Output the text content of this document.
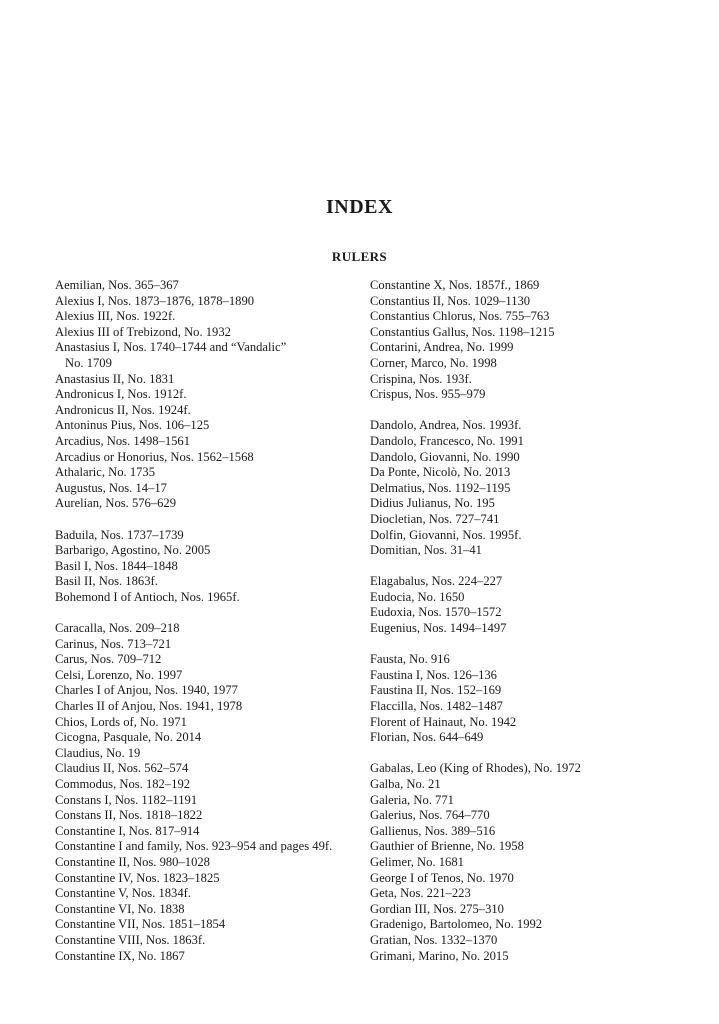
INDEX
RULERS
Aemilian, Nos. 365–367
Alexius I, Nos. 1873–1876, 1878–1890
Alexius III, Nos. 1922f.
Alexius III of Trebizond, No. 1932
Anastasius I, Nos. 1740–1744 and “Vandalic”
No. 1709
Anastasius II, No. 1831
Andronicus I, Nos. 1912f.
Andronicus II, Nos. 1924f.
Antoninus Pius, Nos. 106–125
Arcadius, Nos. 1498–1561
Arcadius or Honorius, Nos. 1562–1568
Athalaric, No. 1735
Augustus, Nos. 14–17
Aurelian, Nos. 576–629
Baduila, Nos. 1737–1739
Barbarigo, Agostino, No. 2005
Basil I, Nos. 1844–1848
Basil II, Nos. 1863f.
Bohemond I of Antioch, Nos. 1965f.
Caracalla, Nos. 209–218
Carinus, Nos. 713–721
Carus, Nos. 709–712
Celsi, Lorenzo, No. 1997
Charles I of Anjou, Nos. 1940, 1977
Charles II of Anjou, Nos. 1941, 1978
Chios, Lords of, No. 1971
Cicogna, Pasquale, No. 2014
Claudius, No. 19
Claudius II, Nos. 562–574
Commodus, Nos. 182–192
Constans I, Nos. 1182–1191
Constans II, Nos. 1818–1822
Constantine I, Nos. 817–914
Constantine I and family, Nos. 923–954 and pages 49f.
Constantine II, Nos. 980–1028
Constantine IV, Nos. 1823–1825
Constantine V, Nos. 1834f.
Constantine VI, No. 1838
Constantine VII, Nos. 1851–1854
Constantine VIII, Nos. 1863f.
Constantine IX, No. 1867
Constantine X, Nos. 1857f., 1869
Constantius II, Nos. 1029–1130
Constantius Chlorus, Nos. 755–763
Constantius Gallus, Nos. 1198–1215
Contarini, Andrea, No. 1999
Corner, Marco, No. 1998
Crispina, Nos. 193f.
Crispus, Nos. 955–979
Dandolo, Andrea, Nos. 1993f.
Dandolo, Francesco, No. 1991
Dandolo, Giovanni, No. 1990
Da Ponte, Nicolò, No. 2013
Delmatius, Nos. 1192–1195
Didius Julianus, No. 195
Diocletian, Nos. 727–741
Dolfin, Giovanni, Nos. 1995f.
Domitian, Nos. 31–41
Elagabalus, Nos. 224–227
Eudocia, No. 1650
Eudoxia, Nos. 1570–1572
Eugenius, Nos. 1494–1497
Fausta, No. 916
Faustina I, Nos. 126–136
Faustina II, Nos. 152–169
Flaccilla, Nos. 1482–1487
Florent of Hainaut, No. 1942
Florian, Nos. 644–649
Gabalas, Leo (King of Rhodes), No. 1972
Galba, No. 21
Galeria, No. 771
Galerius, Nos. 764–770
Gallienus, Nos. 389–516
Gauthier of Brienne, No. 1958
Gelimer, No. 1681
George I of Tenos, No. 1970
Geta, Nos. 221–223
Gordian III, Nos. 275–310
Gradenigo, Bartolomeo, No. 1992
Gratian, Nos. 1332–1370
Grimani, Marino, No. 2015
